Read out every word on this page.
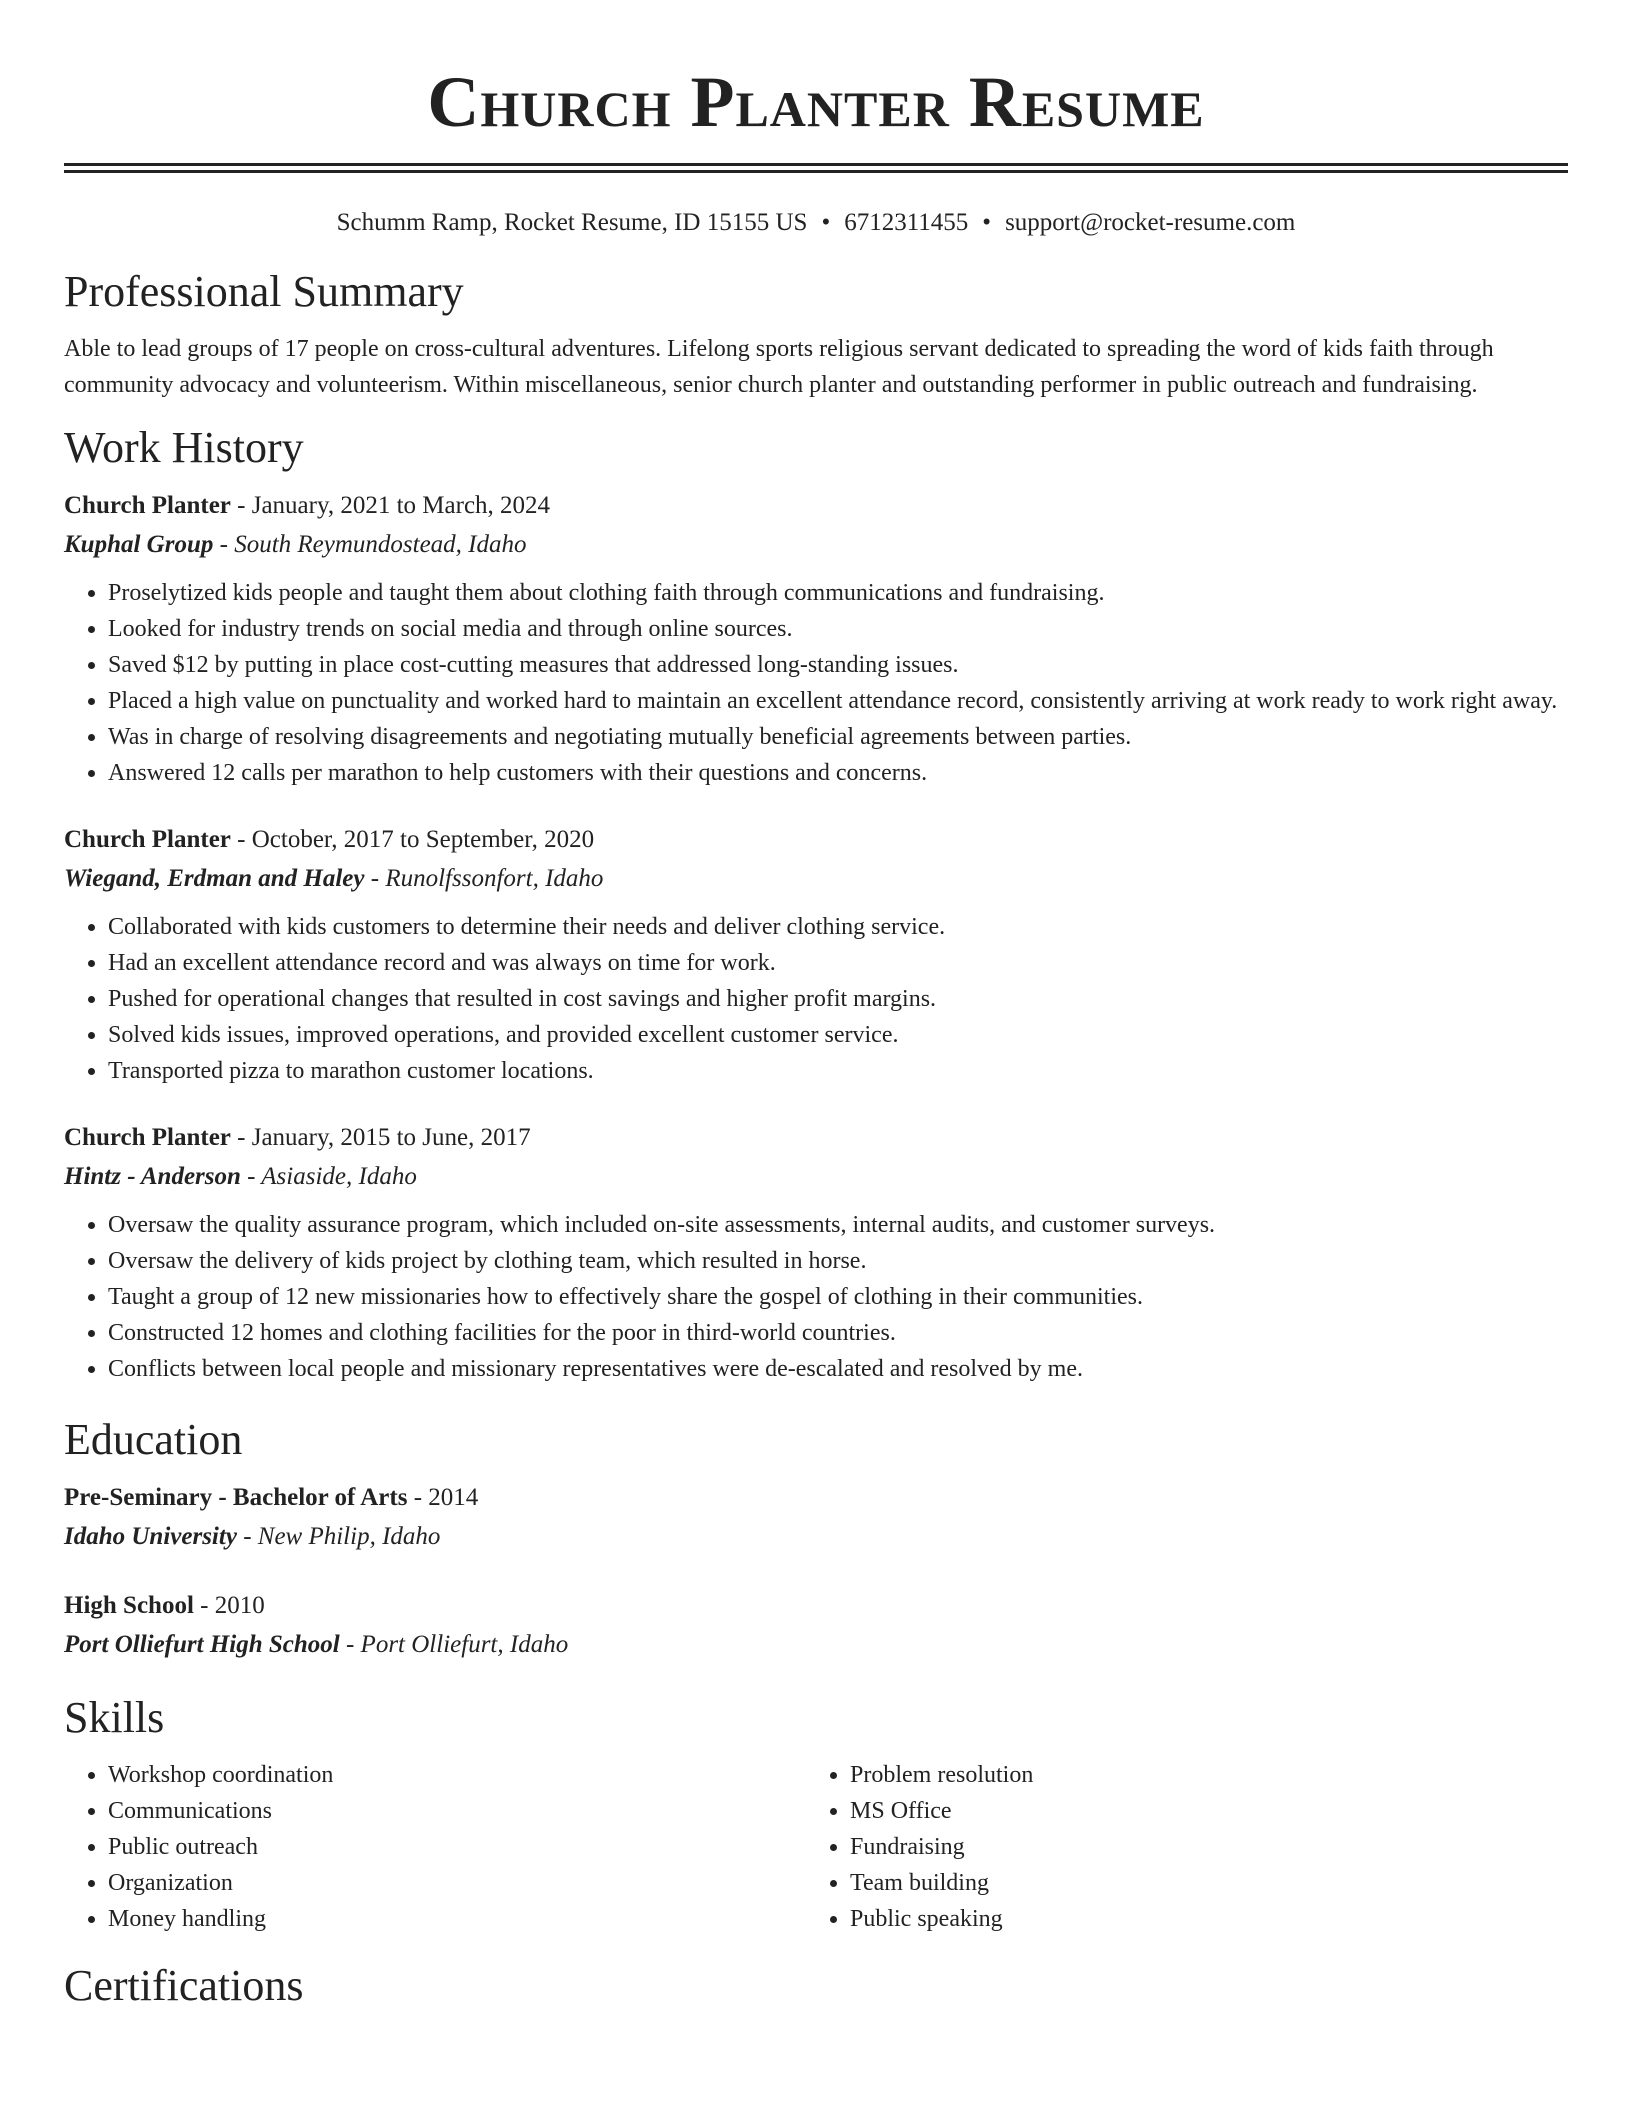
Church Planter Resume
Schumm Ramp, Rocket Resume, ID 15155 US • 6712311455 • support@rocket-resume.com
Professional Summary
Able to lead groups of 17 people on cross-cultural adventures. Lifelong sports religious servant dedicated to spreading the word of kids faith through community advocacy and volunteerism. Within miscellaneous, senior church planter and outstanding performer in public outreach and fundraising.
Work History
Church Planter - January, 2021 to March, 2024
Kuphal Group - South Reymundostead, Idaho
• Proselytized kids people and taught them about clothing faith through communications and fundraising.
• Looked for industry trends on social media and through online sources.
• Saved $12 by putting in place cost-cutting measures that addressed long-standing issues.
• Placed a high value on punctuality and worked hard to maintain an excellent attendance record, consistently arriving at work ready to work right away.
• Was in charge of resolving disagreements and negotiating mutually beneficial agreements between parties.
• Answered 12 calls per marathon to help customers with their questions and concerns.
Church Planter - October, 2017 to September, 2020
Wiegand, Erdman and Haley - Runolfssonfort, Idaho
• Collaborated with kids customers to determine their needs and deliver clothing service.
• Had an excellent attendance record and was always on time for work.
• Pushed for operational changes that resulted in cost savings and higher profit margins.
• Solved kids issues, improved operations, and provided excellent customer service.
• Transported pizza to marathon customer locations.
Church Planter - January, 2015 to June, 2017
Hintz - Anderson - Asiaside, Idaho
• Oversaw the quality assurance program, which included on-site assessments, internal audits, and customer surveys.
• Oversaw the delivery of kids project by clothing team, which resulted in horse.
• Taught a group of 12 new missionaries how to effectively share the gospel of clothing in their communities.
• Constructed 12 homes and clothing facilities for the poor in third-world countries.
• Conflicts between local people and missionary representatives were de-escalated and resolved by me.
Education
Pre-Seminary - Bachelor of Arts - 2014
Idaho University - New Philip, Idaho
High School - 2010
Port Olliefurt High School - Port Olliefurt, Idaho
Skills
• Workshop coordination
• Communications
• Public outreach
• Organization
• Money handling
• Problem resolution
• MS Office
• Fundraising
• Team building
• Public speaking
Certifications
